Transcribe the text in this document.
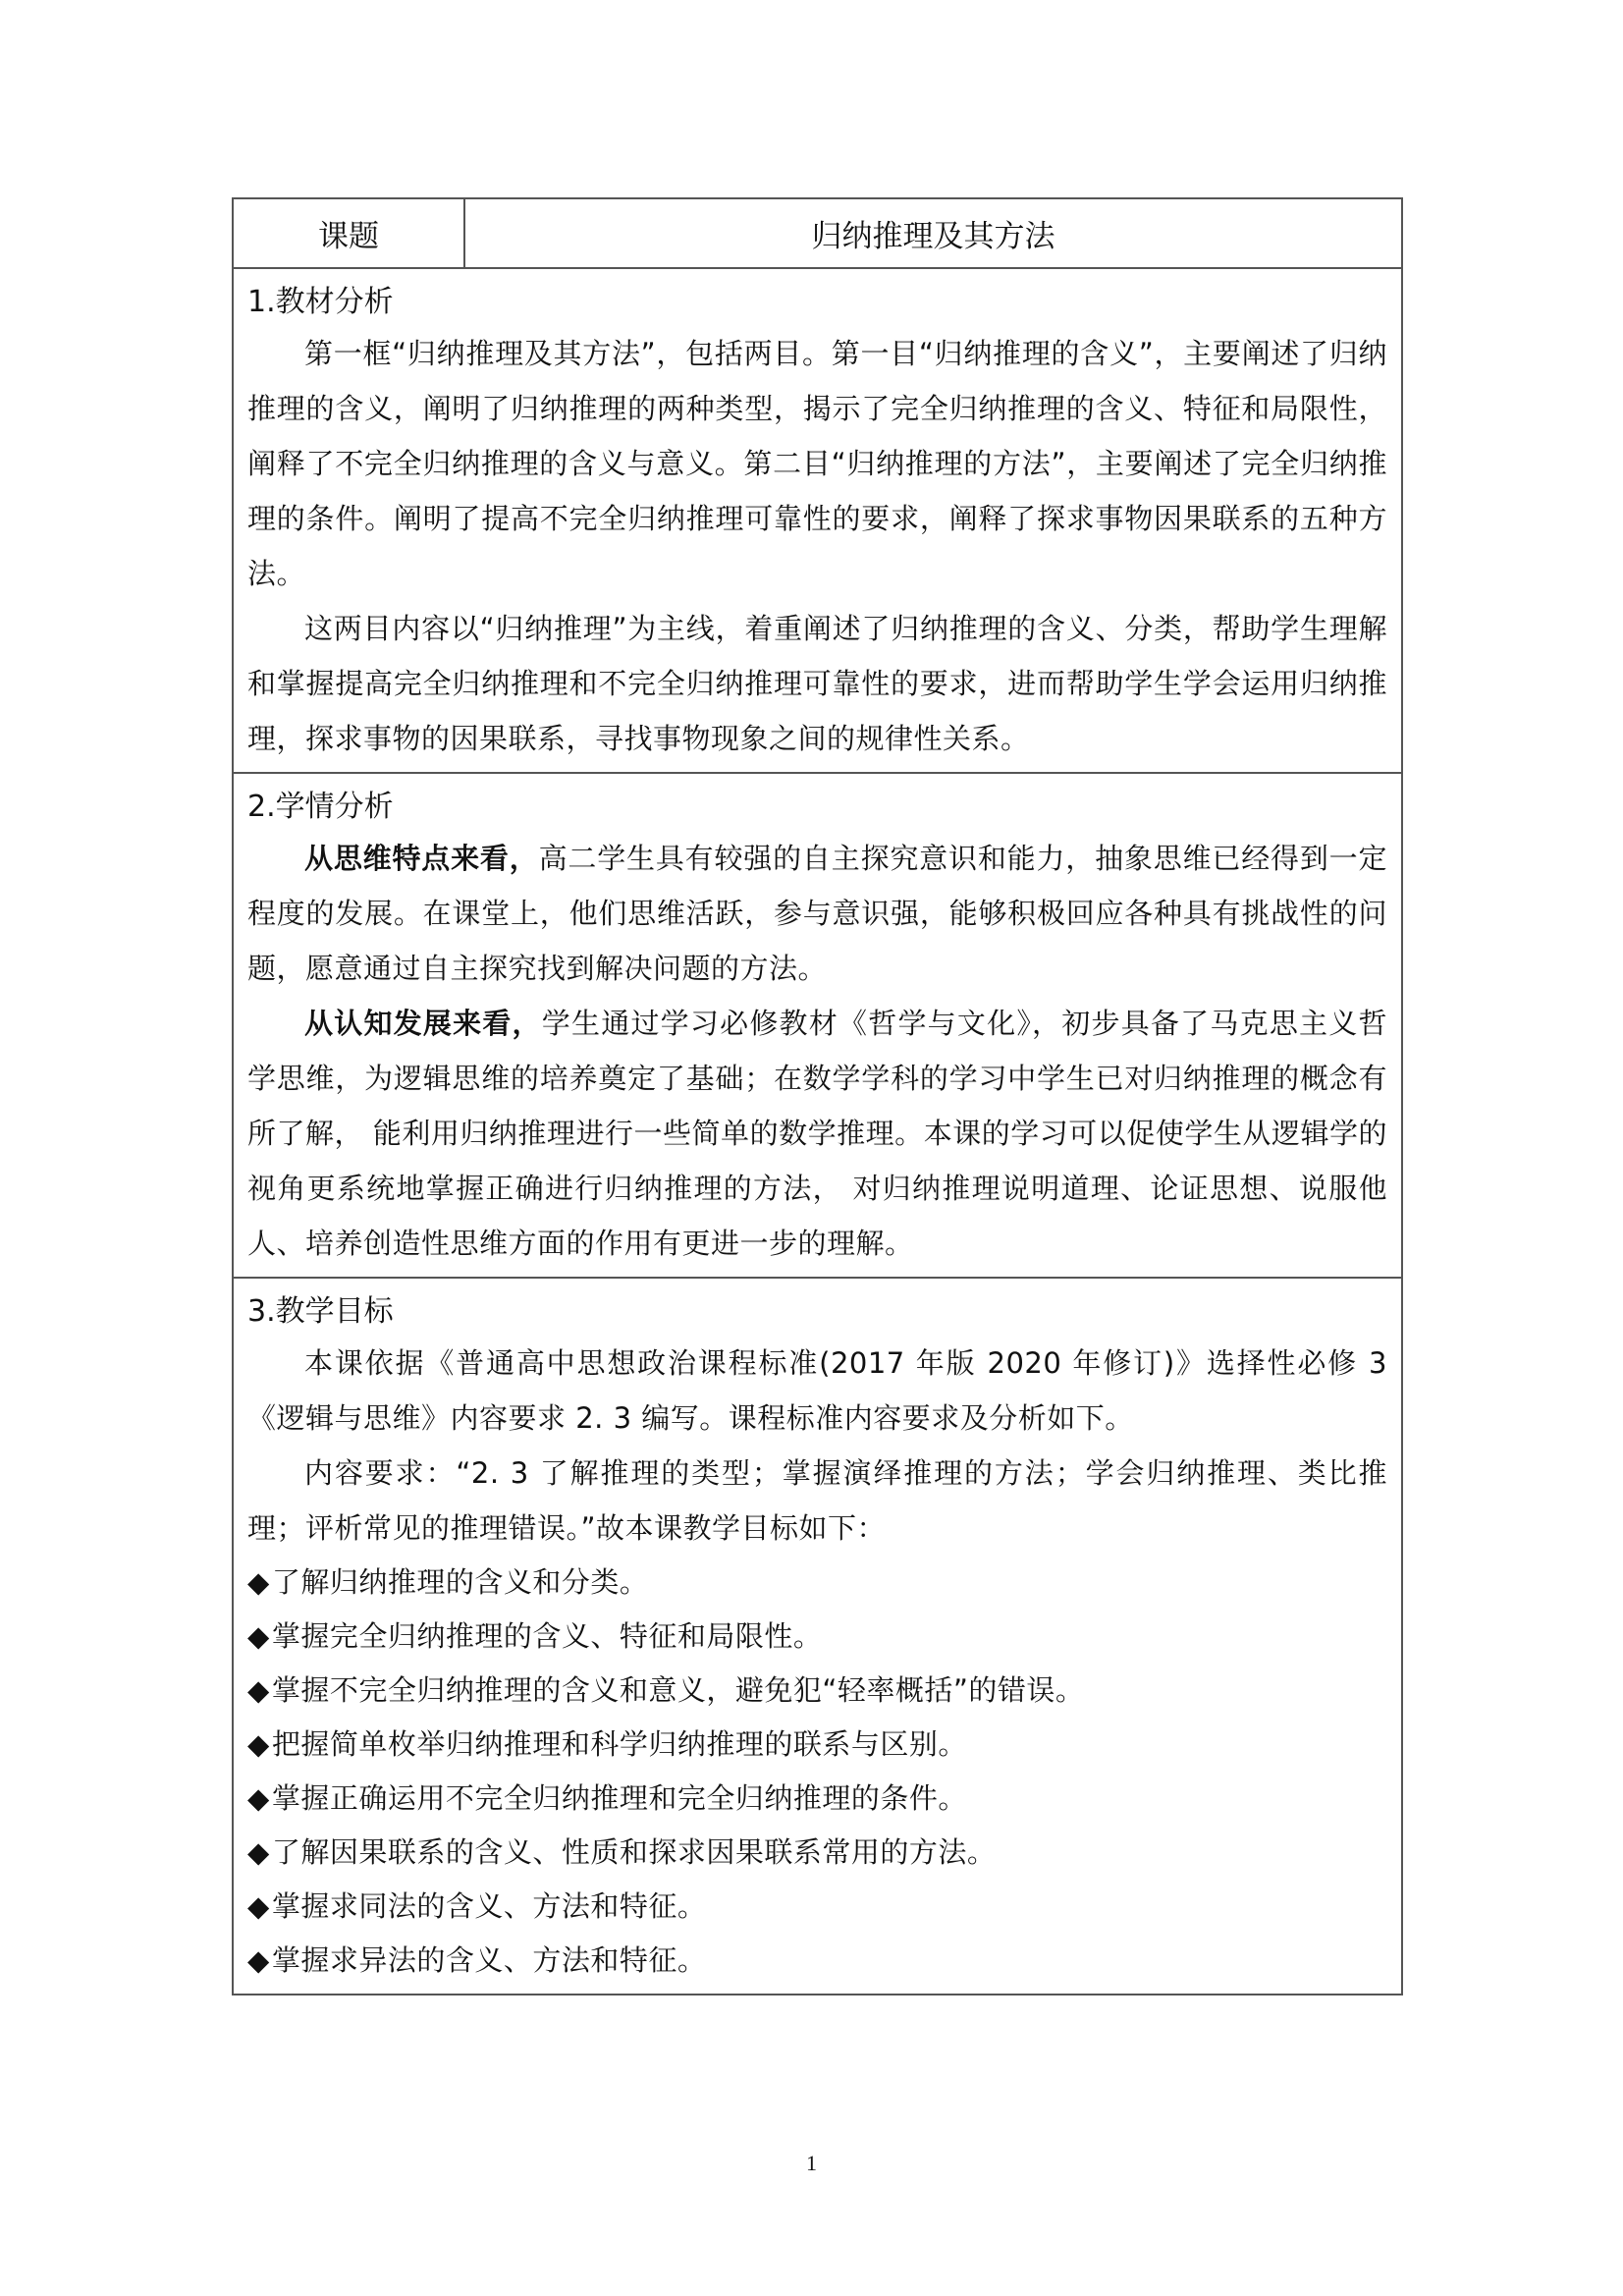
课题	归纳推理及其方法
1.教材分析

第一框“归纳推理及其方法”，包括两目。第一目“归纳推理的含义”，主要阐述了归纳推理的含义，阐明了归纳推理的两种类型，揭示了完全归纳推理的含义、特征和局限性，阐释了不完全归纳推理的含义与意义。第二目“归纳推理的方法”，主要阐述了完全归纳推理的条件。阐明了提高不完全归纳推理可靠性的要求，阐释了探求事物因果联系的五种方法。

这两目内容以“归纳推理”为主线，着重阐述了归纳推理的含义、分类，帮助学生理解和掌握提高完全归纳推理和不完全归纳推理可靠性的要求，进而帮助学生学会运用归纳推理，探求事物的因果联系，寻找事物现象之间的规律性关系。

2.学情分析

从思维特点来看，高二学生具有较强的自主探究意识和能力，抽象思维已经得到一定程度的发展。在课堂上，他们思维活跃，参与意识强，能够积极回应各种具有挑战性的问题，愿意通过自主探究找到解决问题的方法。

从认知发展来看，学生通过学习必修教材《哲学与文化》，初步具备了马克思主义哲学思维，为逻辑思维的培养奠定了基础；在数学学科的学习中学生已对归纳推理的概念有所了解， 能利用归纳推理进行一些简单的数学推理。本课的学习可以促使学生从逻辑学的视角更系统地掌握正确进行归纳推理的方法， 对归纳推理说明道理、论证思想、说服他人、培养创造性思维方面的作用有更进一步的理解。

3.教学目标

本课依据《普通高中思想政治课程标准(2017 年版 2020 年修订)》选择性必修 3《逻辑与思维》内容要求 2. 3 编写。课程标准内容要求及分析如下。

内容要求：“2. 3 了解推理的类型；掌握演绎推理的方法；学会归纳推理、类比推理；评析常见的推理错误。”故本课教学目标如下：

◆了解归纳推理的含义和分类。

◆掌握完全归纳推理的含义、特征和局限性。

◆掌握不完全归纳推理的含义和意义，避免犯“轻率概括”的错误。

◆把握简单枚举归纳推理和科学归纳推理的联系与区别。

◆掌握正确运用不完全归纳推理和完全归纳推理的条件。

◆了解因果联系的含义、性质和探求因果联系常用的方法。

◆掌握求同法的含义、方法和特征。

◆掌握求异法的含义、方法和特征。

1
